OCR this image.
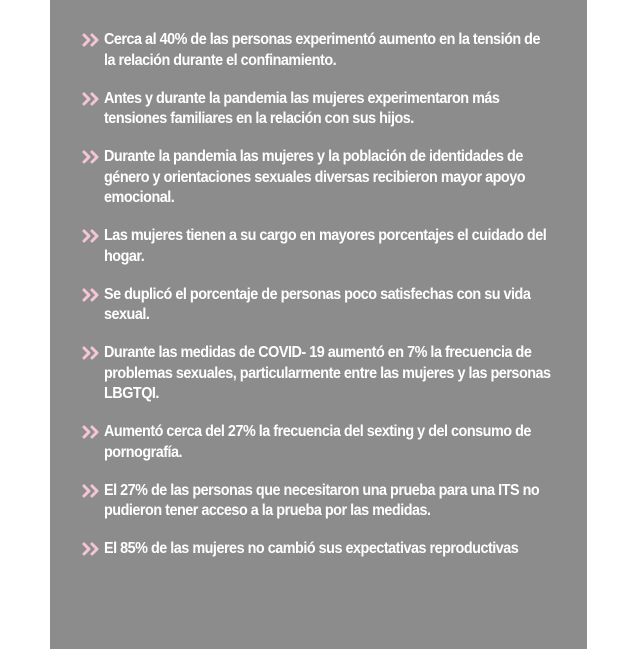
Cerca al 40% de las personas experimentó aumento en la tensión de la relación durante el confinamiento.
Antes y durante la pandemia las mujeres experimentaron más tensiones familiares en la relación con sus hijos.
Durante la pandemia las mujeres y la población de identidades de género y orientaciones sexuales diversas recibieron mayor apoyo emocional.
Las mujeres tienen a su cargo en mayores porcentajes el cuidado del hogar.
Se duplicó el porcentaje de personas poco satisfechas con su vida sexual.
Durante las medidas de COVID- 19 aumentó en 7% la frecuencia de problemas sexuales, particularmente entre las mujeres y las personas LBGTQI.
Aumentó cerca del 27% la frecuencia del sexting y del consumo de pornografía.
El 27% de las personas que necesitaron una prueba para una ITS no pudieron tener acceso a la prueba por las medidas.
El 85% de las mujeres no cambió sus expectativas reproductivas
